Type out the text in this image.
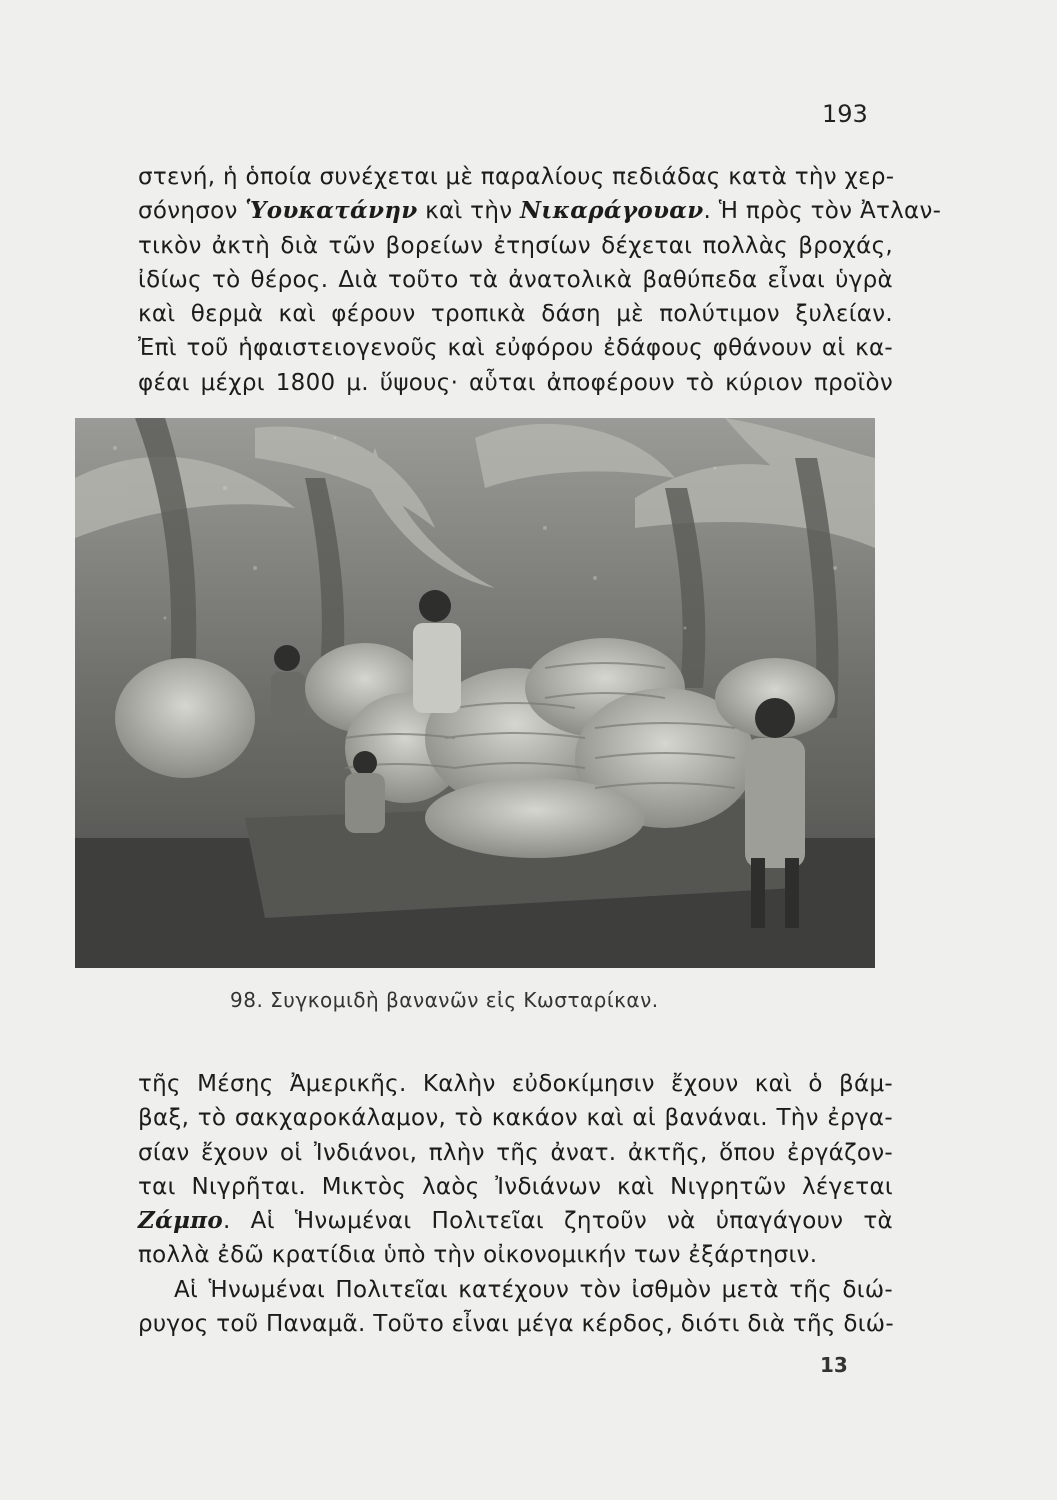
193

στενή, ἡ ὁποία συνέχεται μὲ παραλίους πεδιάδας κατὰ τὴν χερ-
σόνησον Ὑουκατάνην καὶ τὴν Νικαράγουαν. Ἡ πρὸς τὸν Ἀτλαν-
τικὸν ἀκτὴ διὰ τῶν βορείων ἐτησίων δέχεται πολλὰς βροχάς,
ἰδίως τὸ θέρος. Διὰ τοῦτο τὰ ἀνατολικὰ βαθύπεδα εἶναι ὑγρὰ
καὶ θερμὰ καὶ φέρουν τροπικὰ δάση μὲ πολύτιμον ξυλείαν.
Ἐπὶ τοῦ ἡφαιστειογενοῦς καὶ εὐφόρου ἐδάφους φθάνουν αἱ κα-
φέαι μέχρι 1800 μ. ὕψους· αὗται ἀποφέρουν τὸ κύριον προϊὸν

98. Συγκομιδὴ βανανῶν εἰς Κωσταρίκαν.

τῆς Μέσης Ἀμερικῆς. Καλὴν εὐδοκίμησιν ἔχουν καὶ ὁ βάμ-
βαξ, τὸ σακχαροκάλαμον, τὸ κακάον καὶ αἱ βανάναι. Τὴν ἐργα-
σίαν ἔχουν οἱ Ἰνδιάνοι, πλὴν τῆς ἀνατ. ἀκτῆς, ὅπου ἐργάζον-
ται Νιγρῆται. Μικτὸς λαὸς Ἰνδιάνων καὶ Νιγρητῶν λέγεται
Ζάμπο. Αἱ Ἡνωμέναι Πολιτεῖαι ζητοῦν νὰ ὑπαγάγουν τὰ
πολλὰ ἐδῶ κρατίδια ὑπὸ τὴν οἰκονομικήν των ἐξάρτησιν.

Αἱ Ἡνωμέναι Πολιτεῖαι κατέχουν τὸν ἰσθμὸν μετὰ τῆς διώ-
ρυγος τοῦ Παναμᾶ. Τοῦτο εἶναι μέγα κέρδος, διότι διὰ τῆς διώ-

13
